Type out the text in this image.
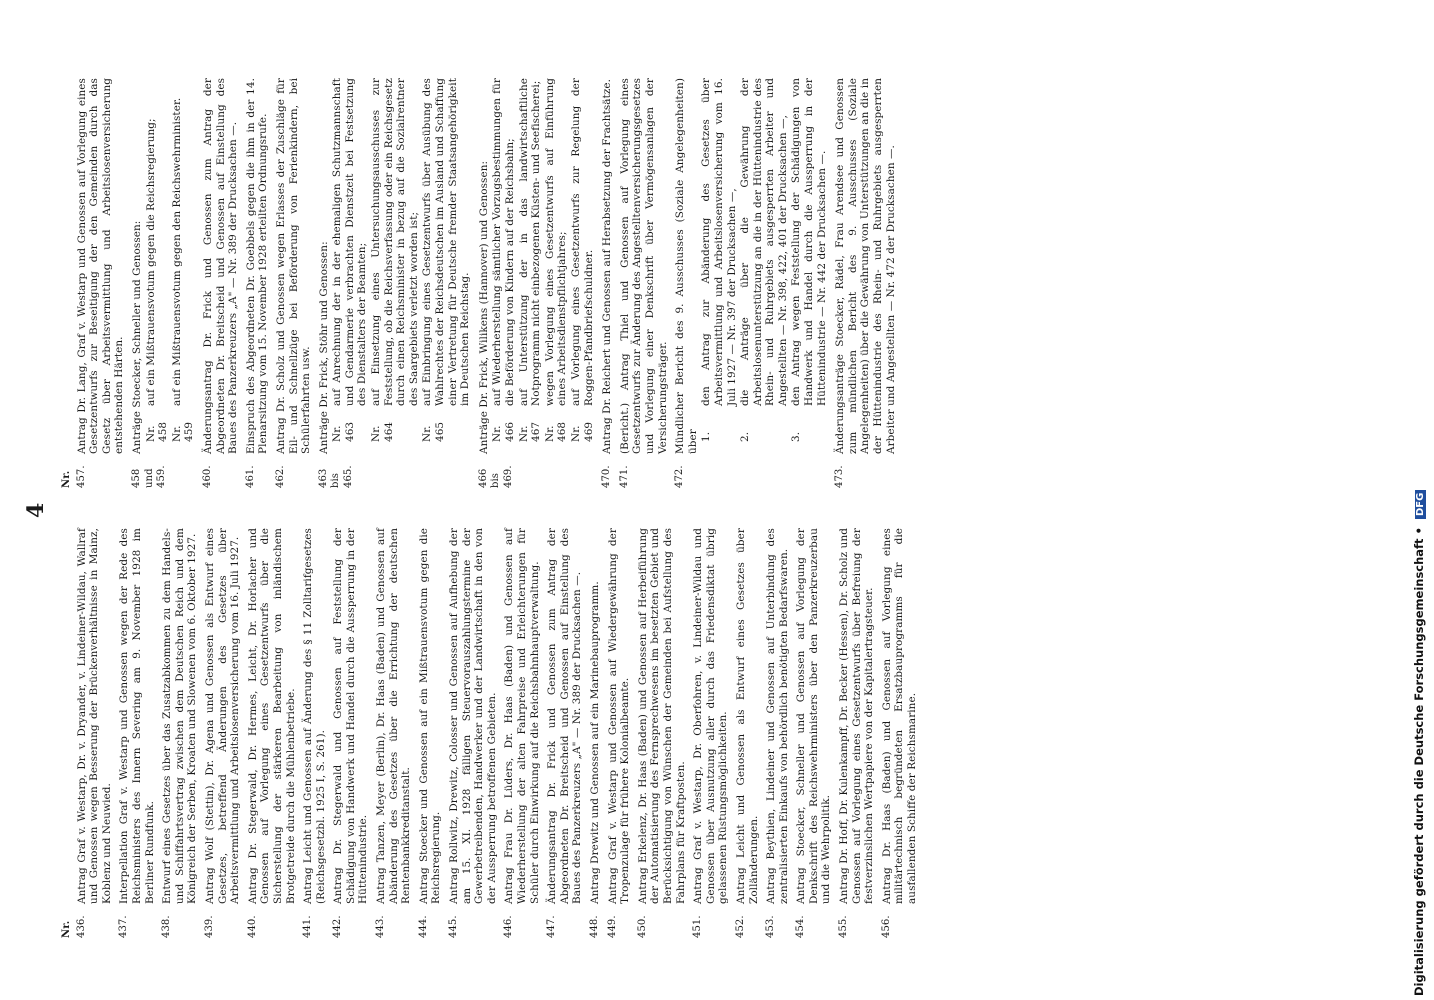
4
Nr. 436.
Antrag Graf v. Westarp, Dr. v. Dryander, v. Lindeiner-Wildau, Wallraf und Genossen wegen Besserung der Brückenverhältnisse in Mainz, Koblenz und Neuwied.
437.
Interpellation Graf v. Westarp und Genossen wegen der Rede des Reichsministers des Innern Severing am 9. November 1928 im Berliner Rundfunk.
438.
Entwurf eines Gesetzes über das Zusatzabkommen zu dem Handels- und Schiffahrtsvertrag zwischen dem Deutschen Reich und dem Königreich der Serben, Kroaten und Slowenen vom 6. Oktober 1927.
439.
Antrag Wolf (Stettin), Dr. Agena und Genossen als Entwurf eines Gesetzes, betreffend Änderungen des Gesetzes über Arbeitsvermittlung und Arbeitslosenversicherung vom 16. Juli 1927.
440.
Antrag Dr. Stegerwald, Dr. Hermes, Leicht, Dr. Horlacher und Genossen auf Vorlegung eines Gesetzentwurfs über die Sicherstellung der stärkeren Bearbeitung von inländischem Brotgetreide durch die Mühlenbetriebe.
441.
Antrag Leicht und Genossen auf Änderung des § 11 Zolltarifgesetzes (Reichsgesetzbl. 1925 I, S. 261).
442.
Antrag Dr. Stegerwald und Genossen auf Feststellung der Schädigung von Handwerk und Handel durch die Aussperrung in der Hüttenindustrie.
443.
Antrag Tanzen, Meyer (Berlin), Dr. Haas (Baden) und Genossen auf Abänderung des Gesetzes über die Errichtung der deutschen Rentenbankkreditanstalt.
444.
Antrag Stoecker und Genossen auf ein Mißtrauensvotum gegen die Reichsregierung.
445.
Antrag Rollwitz, Drewitz, Colosser und Genossen auf Aufhebung der am 15. XI. 1928 fälligen Steuervorauszahlungstermine der Gewerbetreibenden, Handwerker und der Landwirtschaft in den von der Aussperrung betroffenen Gebieten.
446.
Antrag Frau Dr. Lüders, Dr. Haas (Baden) und Genossen auf Wiederherstellung der alten Fahrpreise und Erleichterungen für Schüler durch Einwirkung auf die Reichsbahnhauptverwaltung.
447.
Änderungsantrag Dr. Frick und Genossen zum Antrag der Abgeordneten Dr. Breitscheid und Genossen auf Einstellung des Baues des Panzerkreuzers „A" — Nr. 389 der Drucksachen —.
448.
Antrag Drewitz und Genossen auf ein Marinebauprogramm.
449.
Antrag Graf v. Westarp und Genossen auf Wiedergewährung der Tropenzulage für frühere Kolonialbeamte.
450.
Antrag Erkelenz, Dr. Haas (Baden) und Genossen auf Herbeiführung der Automatisierung des Fernsprechwesens im besetzten Gebiet und Berücksichtigung von Wünschen der Gemeinden bei Aufstellung des Fahrplans für Kraftposten.
451.
Antrag Graf v. Westarp, Dr. Oberfohren, v. Lindeiner-Wildau und Genossen über Ausnutzung aller durch das Friedensdiktat übrig gelassenen Rüstungsmöglichkeiten.
452.
Antrag Leicht und Genossen als Entwurf eines Gesetzes über Zolländerungen.
453.
Antrag Beythien, Lindeiner und Genossen auf Unterbindung des zentralisierten Einkaufs von behördlich benötigten Bedarfswaren.
454.
Antrag Stoecker, Schneller und Genossen auf Vorlegung der Denkschrift des Reichswehrministers über den Panzerkreuzerbau und die Wehrpolitik.
455.
Antrag Dr. Hoff, Dr. Kulenkampff, Dr. Becker (Hessen), Dr. Scholz und Genossen auf Vorlegung eines Gesetzentwurfs über Befreiung der festverzinslichen Wertpapiere von der Kapitalertragsteuer.
456.
Antrag Dr. Haas (Baden) und Genossen auf Vorlegung eines militärtechnisch begründeten Ersatzbauprogramms für die ausfallenden Schiffe der Reichsmarine.
Nr. 457.
Antrag Dr. Lang, Graf v. Westarp und Genossen auf Vorlegung eines Gesetzentwurfs zur Beseitigung der den Gemeinden durch das Gesetz über Arbeitsvermittlung und Arbeitslosenversicherung entstehenden Härten.
458 und 459.
Anträge Stoecker, Schneller und Genossen: Nr. 458
auf ein Mißtrauensvotum gegen die Reichsregierung;
Nr. 459
auf ein Mißtrauensvotum gegen den Reichswehrminister.
460.
Änderungsantrag Dr. Frick und Genossen zum Antrag der Abgeordneten Dr. Breitscheid und Genossen auf Einstellung des Baues des Panzerkreuzers „A" — Nr. 389 der Drucksachen —.
461.
Einspruch des Abgeordneten Dr. Goebbels gegen die ihm in der 14. Plenarsitzung vom 15. November 1928 erteilten Ordnungsrufe.
462.
Antrag Dr. Scholz und Genossen wegen Erlasses der Zuschläge für Eil- und Schnellzüge bei Beförderung von Ferienkindern, bei Schülerfahrten usw.
463 bis 465.
Anträge Dr. Frick, Stöhr und Genossen: Nr. 463
auf Anrechnung der in der ehemaligen Schutzmannschaft und Gendarmerie verbrachten Dienstzeit bei Festsetzung des Dienstalters der Beamten;
Nr. 464
auf Einsetzung eines Untersuchungsausschusses zur Feststellung, ob die Reichsverfassung oder ein Reichsgesetz durch einen Reichsminister in bezug auf die Sozialrentner des Saargebiets verletzt worden ist;
Nr. 465
auf Einbringung eines Gesetzentwurfs über Ausübung des Wahlrechtes der Reichsdeutschen im Ausland und Schaffung einer Vertretung für Deutsche fremder Staatsangehörigkeit im Deutschen Reichstag.
466 bis 469.
Anträge Dr. Frick, Wilikens (Hannover) und Genossen: Nr. 466
auf Wiederherstellung sämtlicher Vorzugsbestimmungen für die Beförderung von Kindern auf der Reichsbahn;
Nr. 467
auf Unterstützung der in das landwirtschaftliche Notprogramm nicht einbezogenen Küsten- und Seefischerei;
Nr. 468
wegen Vorlegung eines Gesetzentwurfs auf Einführung eines Arbeitsdienstpflichtjahres;
Nr. 469
auf Vorlegung eines Gesetzentwurfs zur Regelung der Roggen-Pfandbriefschuldner.
470.
Antrag Dr. Reichert und Genossen auf Herabsetzung der Frachtsätze.
471.
(Bericht.) Antrag Thiel und Genossen auf Vorlegung eines Gesetzentwurfs zur Änderung des Angestelltenversicherungsgesetzes und Vorlegung einer Denkschrift über Vermögensanlagen der Versicherungsträger.
472.
Mündlicher Bericht des 9. Ausschusses (Soziale Angelegenheiten) über 1.
den Antrag zur Abänderung des Gesetzes über Arbeitsvermittlung und Arbeitslosenversicherung vom 16. Juli 1927 — Nr. 397 der Drucksachen —,
2.
die Anträge über die Gewährung der Arbeitslosenunterstützung an die in der Hüttenindustrie des Rhein- und Ruhrgebiets ausgesperrten Arbeiter und Angestellten — Nr. 398, 422, 401 der Drucksachen —,
3.
den Antrag wegen Feststellung der Schädigungen von Handwerk und Handel durch die Aussperrung in der Hüttenindustrie — Nr. 442 der Drucksachen —.
473.
Änderungsanträge Stoecker, Rädel, Frau Arendsee und Genossen zum mündlichen Bericht des 9. Ausschusses (Soziale Angelegenheiten) über die Gewährung von Unterstützungen an die in der Hüttenindustrie des Rhein- und Ruhrgebiets ausgesperrten Arbeiter und Angestellten — Nr. 472 der Drucksachen —.
Digitalisierung gefördert durch die Deutsche Forschungsgemeinschaft • DFG
